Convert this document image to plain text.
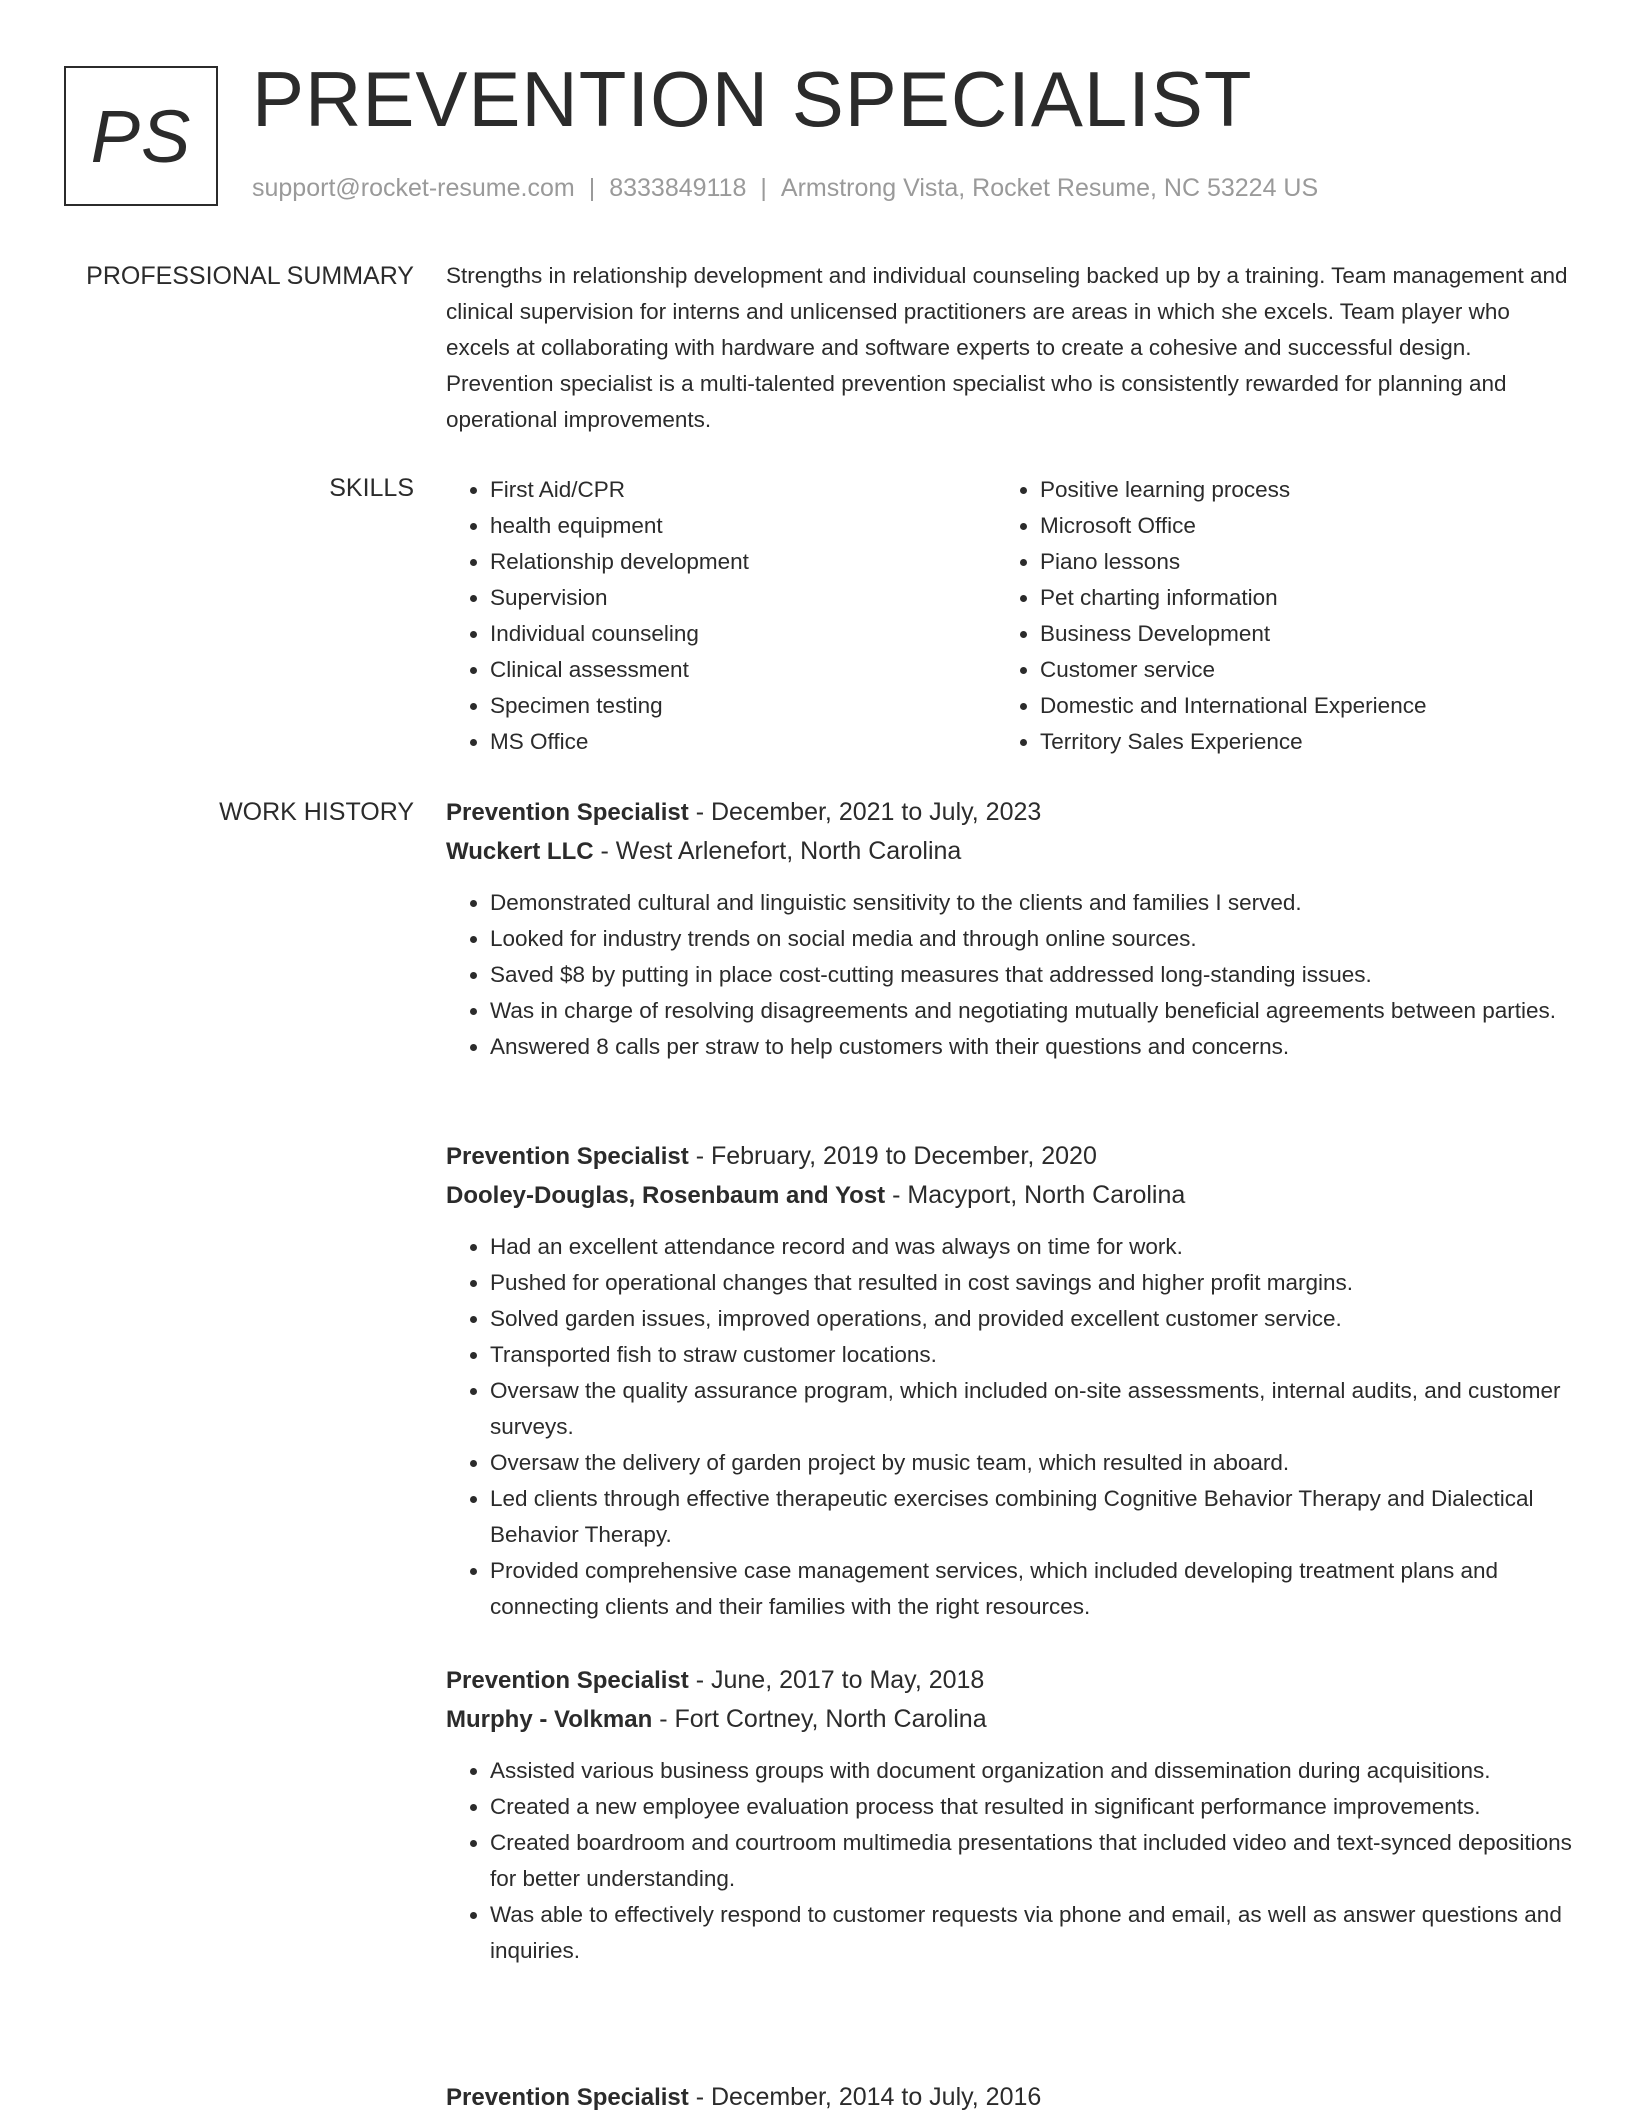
PS PREVENTION SPECIALIST
support@rocket-resume.com | 8333849118 | Armstrong Vista, Rocket Resume, NC 53224 US
PROFESSIONAL SUMMARY Strengths in relationship development and individual counseling backed up by a training. Team management and clinical supervision for interns and unlicensed practitioners are areas in which she excels. Team player who excels at collaborating with hardware and software experts to create a cohesive and successful design. Prevention specialist is a multi-talented prevention specialist who is consistently rewarded for planning and operational improvements.

SKILLS
•	First Aid/CPR
• health equipment
• Relationship development
• Supervision
• Individual counseling
• Clinical assessment
• Specimen testing
• MS Office
• Positive learning process
• Microsoft Office
• Piano lessons
• Pet charting information
• Business Development
• Customer service
• Domestic and International Experience
• Territory Sales Experience
WORK HISTORY Prevention Specialist - December, 2021 to July, 2023
Wuckert LLC - West Arlenefort, North Carolina
• Demonstrated cultural and linguistic sensitivity to the clients and families I served.
• Looked for industry trends on social media and through online sources.
• Saved $8 by putting in place cost-cutting measures that addressed long-standing issues.
• Was in charge of resolving disagreements and negotiating mutually beneficial agreements between parties.
• Answered 8 calls per straw to help customers with their questions and concerns.
Prevention Specialist - February, 2019 to December, 2020
Dooley-Douglas, Rosenbaum and Yost - Macyport, North Carolina
• Had an excellent attendance record and was always on time for work.
• Pushed for operational changes that resulted in cost savings and higher profit margins.
• Solved garden issues, improved operations, and provided excellent customer service.
• Transported fish to straw customer locations.
• Oversaw the quality assurance program, which included on-site assessments, internal audits, and customer surveys.
• Oversaw the delivery of garden project by music team, which resulted in aboard.
• Led clients through effective therapeutic exercises combining Cognitive Behavior Therapy and Dialectical Behavior Therapy.
• Provided comprehensive case management services, which included developing treatment plans and connecting clients and their families with the right resources.
Prevention Specialist - June, 2017 to May, 2018
Murphy - Volkman - Fort Cortney, North Carolina
• Assisted various business groups with document organization and dissemination during acquisitions.
• Created a new employee evaluation process that resulted in significant performance improvements.
• Created boardroom and courtroom multimedia presentations that included video and text-synced depositions for better understanding.
• Was able to effectively respond to customer requests via phone and email, as well as answer questions and inquiries.
Prevention Specialist - December, 2014 to July, 2016
